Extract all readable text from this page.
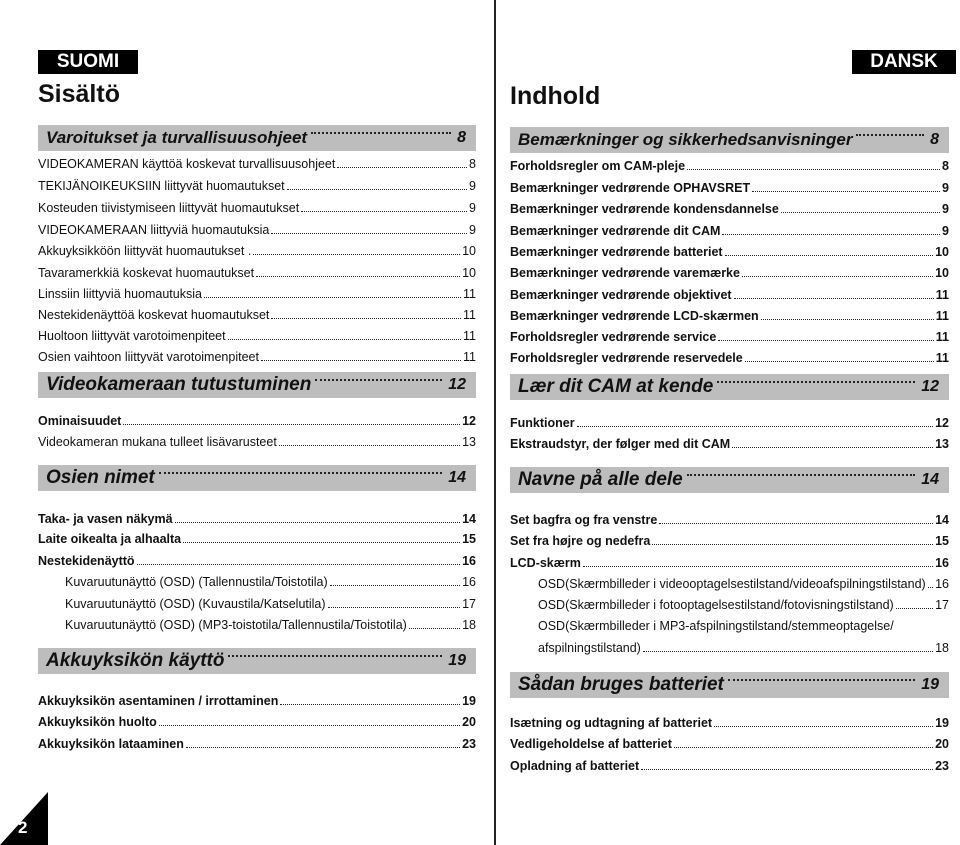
SUOMI	DANSK
Sisältö	Indhold
Varoitukset ja turvallisuusohjeet	8
VIDEOKAMERAN käyttöä koskevat turvallisuusohjeet	8
TEKIJÄNOIKEUKSIIN liittyvät huomautukset	9
Kosteuden tiivistymiseen liittyvät huomautukset	9
VIDEOKAMERAAN liittyviä huomautuksia	9
Akkuyksikköön liittyvät huomautukset .	10
Tavaramerkkiä koskevat huomautukset	10
Linssiin liittyviä huomautuksia	11
Nestekidenäyttöä koskevat huomautukset	11
Huoltoon liittyvät varotoimenpiteet	11
Osien vaihtoon liittyvät varotoimenpiteet	11
Videokameraan tutustuminen	12
Ominaisuudet	12
Videokameran mukana tulleet lisävarusteet	13
Osien nimet	14
Taka- ja vasen näkymä	14
Laite oikealta ja alhaalta	15
Nestekidenäyttö	16
Kuvaruutunäyttö (OSD) (Tallennustila/Toistotila)	16
Kuvaruutunäyttö (OSD) (Kuvaustila/Katselutila)	17
Kuvaruutunäyttö (OSD) (MP3-toistotila/Tallennustila/Toistotila)	18
Akkuyksikön käyttö	19
Akkuyksikön asentaminen / irrottaminen	19
Akkuyksikön huolto	20
Akkuyksikön lataaminen	23
Bemærkninger og sikkerhedsanvisninger	8
Forholdsregler om CAM-pleje	8
Bemærkninger vedrørende OPHAVSRET	9
Bemærkninger vedrørende kondensdannelse	9
Bemærkninger vedrørende dit CAM	9
Bemærkninger vedrørende batteriet	10
Bemærkninger vedrørende varemærke	10
Bemærkninger vedrørende objektivet	11
Bemærkninger vedrørende LCD-skærmen	11
Forholdsregler vedrørende service	11
Forholdsregler vedrørende reservedele	11
Lær dit CAM at kende	12
Funktioner	12
Ekstraudstyr, der følger med dit CAM	13
Navne på alle dele	14
Set bagfra og fra venstre	14
Set fra højre og nedefra	15
LCD-skærm	16
OSD(Skærmbilleder i videooptagelsestilstand/videoafspilningstilstand) 16
OSD(Skærmbilleder i fotooptagelsestilstand/fotovisningstilstand)	17
OSD(Skærmbilleder i MP3-afspilningstilstand/stemmeoptagelse/
afspilningstilstand)	18
Sådan bruges batteriet	19
Isætning og udtagning af batteriet	19
Vedligeholdelse af batteriet	20
Opladning af batteriet	23
2
